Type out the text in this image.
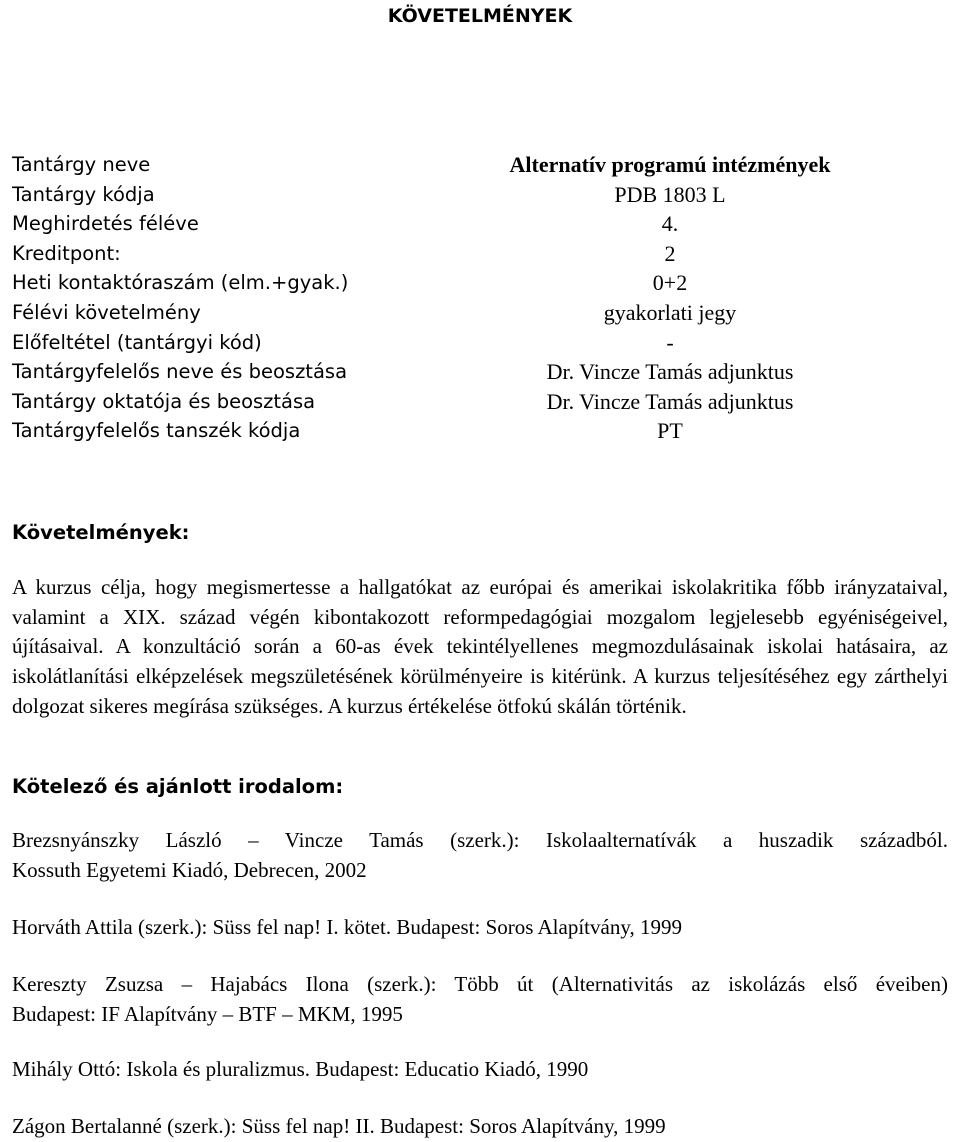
KÖVETELMÉNYEK
Tantárgy neve	Alternatív programú intézmények
Tantárgy kódja	PDB 1803 L
Meghirdetés féléve	4.
Kreditpont:	2
Heti kontaktóraszám (elm.+gyak.)	0+2
Félévi követelmény	gyakorlati jegy
Előfeltétel (tantárgyi kód)	-
Tantárgyfelelős neve és beosztása	Dr. Vincze Tamás adjunktus
Tantárgy oktatója és beosztása	Dr. Vincze Tamás adjunktus
Tantárgyfelelős tanszék kódja	PT
Követelmények:

A kurzus célja, hogy megismertesse a hallgatókat az európai és amerikai iskolakritika főbb irányzataival, valamint a XIX. század végén kibontakozott reformpedagógiai mozgalom legjelesebb egyéniségeivel, újításaival. A konzultáció során a 60-as évek tekintélyellenes megmozdulásainak iskolai hatásaira, az iskolátlanítási elképzelések megszületésének körülményeire is kitérünk. A kurzus teljesítéséhez egy zárthelyi dolgozat sikeres megírása szükséges. A kurzus értékelése ötfokú skálán történik.

Kötelező és ajánlott irodalom:
Brezsnyánszky László – Vincze Tamás (szerk.): Iskolaalternatívák a huszadik századból.
Kossuth Egyetemi Kiadó, Debrecen, 2002
Horváth Attila (szerk.): Süss fel nap! I. kötet. Budapest: Soros Alapítvány, 1999
Kereszty Zsuzsa – Hajabács Ilona (szerk.): Több út (Alternativitás az iskolázás első éveiben)
Budapest: IF Alapítvány – BTF – MKM, 1995
Mihály Ottó: Iskola és pluralizmus. Budapest: Educatio Kiadó, 1990
Zágon Bertalanné (szerk.): Süss fel nap! II. Budapest: Soros Alapítvány, 1999
